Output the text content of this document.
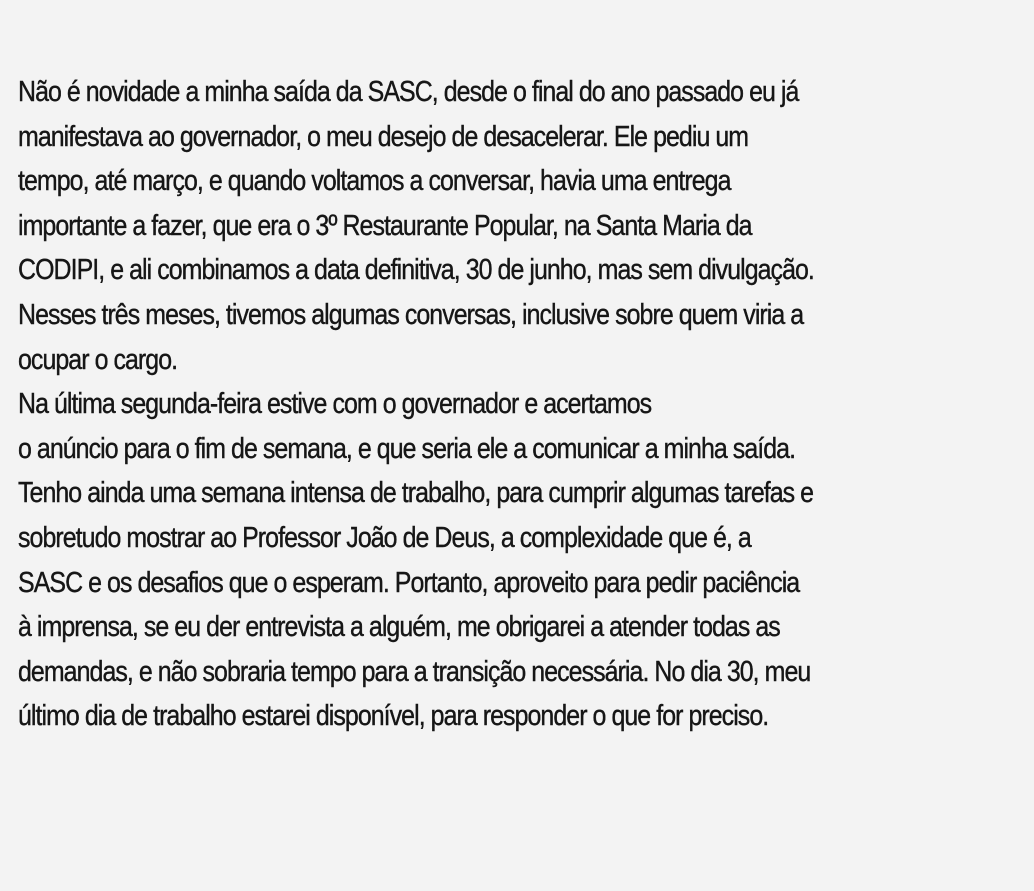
Não é novidade a minha saída da SASC, desde o final do ano passado eu já
manifestava ao governador, o meu desejo de desacelerar. Ele pediu um
tempo, até março, e quando voltamos a conversar, havia uma entrega
importante a fazer, que era o 3º Restaurante Popular, na Santa Maria da
CODIPI, e ali combinamos a data definitiva, 30 de junho, mas sem divulgação.
Nesses três meses, tivemos algumas conversas, inclusive sobre quem viria a
ocupar o cargo.
Na última segunda-feira estive com o governador e acertamos
o anúncio para o fim de semana, e que seria ele a comunicar a minha saída.
Tenho ainda uma semana intensa de trabalho, para cumprir algumas tarefas e
sobretudo mostrar ao Professor João de Deus, a complexidade que é, a
SASC e os desafios que o esperam. Portanto, aproveito para pedir paciência
à imprensa, se eu der entrevista a alguém, me obrigarei a atender todas as
demandas, e não sobraria tempo para a transição necessária. No dia 30, meu
último dia de trabalho estarei disponível, para responder o que for preciso.
